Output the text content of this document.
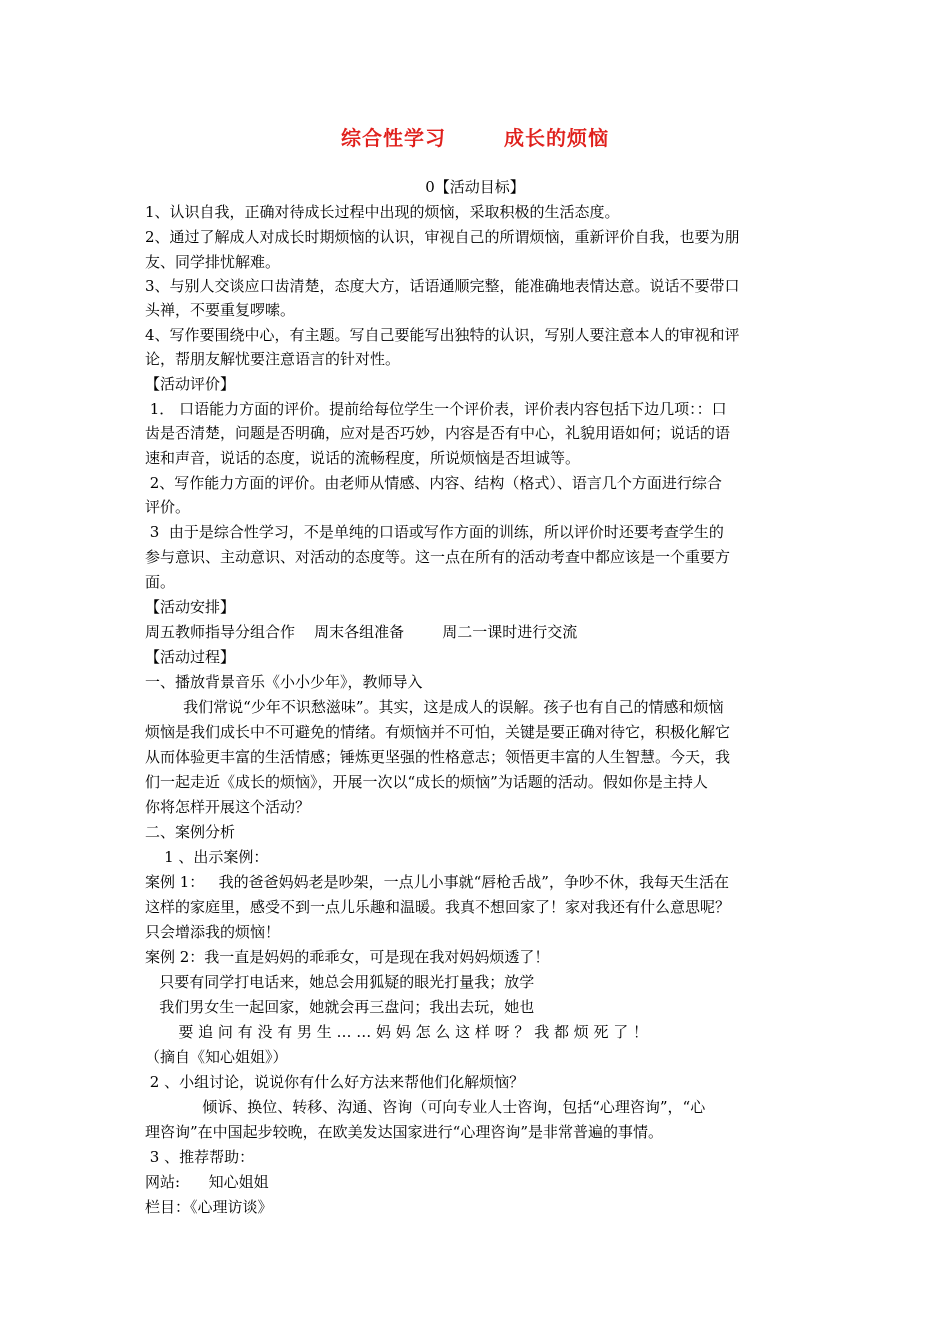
综合性学习	成长的烦恼
0【活动目标】
1、认识自我，正确对待成长过程中出现的烦恼，采取积极的生活态度。
2、通过了解成人对成长时期烦恼的认识，审视自己的所谓烦恼，重新评价自我，也要为朋
友、同学排忧解难。
3、与别人交谈应口齿清楚，态度大方，话语通顺完整，能准确地表情达意。说话不要带口
头禅，不要重复啰嗦。
4、写作要围绕中心，有主题。写自己要能写出独特的认识，写别人要注意本人的审视和评
论，帮朋友解忧要注意语言的针对性。
【活动评价】
1． 口语能力方面的评价。提前给每位学生一个评价表，评价表内容包括下边几项：：口
齿是否清楚，问题是否明确，应对是否巧妙，内容是否有中心，礼貌用语如何；说话的语
速和声音，说话的态度，说话的流畅程度，所说烦恼是否坦诚等。
2、写作能力方面的评价。由老师从情感、内容、结构（格式）、语言几个方面进行综合
评价。
3  由于是综合性学习，不是单纯的口语或写作方面的训练，所以评价时还要考查学生的
参与意识、主动意识、对活动的态度等。这一点在所有的活动考查中都应该是一个重要方
面。
【活动安排】
周五教师指导分组合作    周末各组准备        周二一课时进行交流
【活动过程】
一、播放背景音乐《小小少年》，教师导入
我们常说“少年不识愁滋味”。其实，这是成人的误解。孩子也有自己的情感和烦恼
烦恼是我们成长中不可避免的情绪。有烦恼并不可怕，关键是要正确对待它，积极化解它
从而体验更丰富的生活情感；锤炼更坚强的性格意志；领悟更丰富的人生智慧。今天，我
们一起走近《成长的烦恼》，开展一次以“成长的烦恼”为话题的活动。假如你是主持人
你将怎样开展这个活动？
二、案例分析
1 、出示案例：
案例 1：   我的爸爸妈妈老是吵架，一点儿小事就“唇枪舌战”，争吵不休，我每天生活在
这样的家庭里，感受不到一点儿乐趣和温暖。我真不想回家了！家对我还有什么意思呢？
只会增添我的烦恼！
案例 2：我一直是妈妈的乖乖女，可是现在我对妈妈烦透了！
只要有同学打电话来，她总会用狐疑的眼光打量我；放学
我们男女生一起回家，她就会再三盘问；我出去玩，她也
要 追 问 有 没 有 男 生 … … 妈 妈 怎 么 这 样 呀 ？ 我 都 烦 死 了 ！
（摘自《知心姐姐》）
2 、小组讨论，说说你有什么好方法来帮他们化解烦恼？
倾诉、换位、转移、沟通、咨询（可向专业人士咨询，包括“心理咨询”，“心
理咨询”在中国起步较晚，在欧美发达国家进行“心理咨询”是非常普遍的事情。
3 、推荐帮助：
网站:      知心姐姐
栏目：《心理访谈》
